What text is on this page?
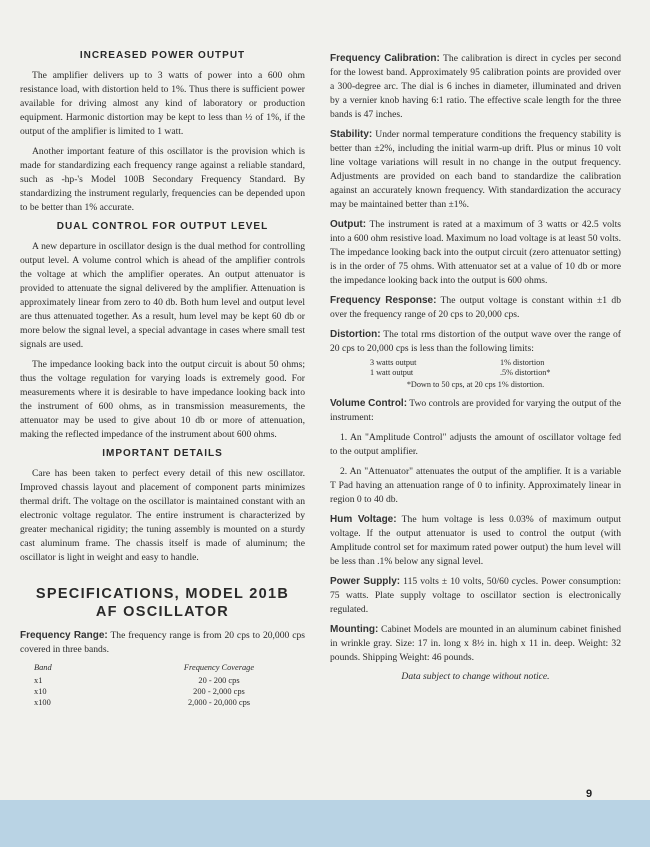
INCREASED POWER OUTPUT

The amplifier delivers up to 3 watts of power into a 600 ohm resistance load, with distortion held to 1%. Thus there is sufficient power available for driving almost any kind of laboratory or production equipment. Harmonic distortion may be kept to less than ½ of 1%, if the output of the amplifier is limited to 1 watt.

Another important feature of this oscillator is the provision which is made for standardizing each frequency range against a reliable standard, such as -hp-'s Model 100B Secondary Frequency Standard. By standardizing the instrument regularly, frequencies can be depended upon to be better than 1% accurate.

DUAL CONTROL FOR OUTPUT LEVEL

A new departure in oscillator design is the dual method for controlling output level. A volume control which is ahead of the amplifier controls the voltage at which the amplifier operates. An output attenuator is provided to attenuate the signal delivered by the amplifier. Attenuation is approximately linear from zero to 40 db. Both hum level and output level are thus attenuated together. As a result, hum level may be kept 60 db or more below the signal level, a special advantage in cases where small test signals are used.

The impedance looking back into the output circuit is about 50 ohms; thus the voltage regulation for varying loads is extremely good. For measurements where it is desirable to have impedance looking back into the instrument of 600 ohms, as in transmission measurements, the attenuator may be used to give about 10 db or more of attenuation, making the reflected impedance of the instrument about 600 ohms.

IMPORTANT DETAILS

Care has been taken to perfect every detail of this new oscillator. Improved chassis layout and placement of component parts minimizes thermal drift. The voltage on the oscillator is maintained constant with an electronic voltage regulator. The entire instrument is characterized by greater mechanical rigidity; the tuning assembly is mounted on a sturdy cast aluminum frame. The chassis itself is made of aluminum; the oscillator is light in weight and easy to handle.

SPECIFICATIONS, MODEL 201B
AF OSCILLATOR

Frequency Range: The frequency range is from 20 cps to 20,000 cps covered in three bands.

Band	Frequency Coverage
x1	20 - 200 cps
x10	200 - 2,000 cps
x100	2,000 - 20,000 cps

Frequency Calibration: The calibration is direct in cycles per second for the lowest band. Approximately 95 calibration points are provided over a 300-degree arc. The dial is 6 inches in diameter, illuminated and driven by a vernier knob having 6:1 ratio. The effective scale length for the three bands is 47 inches.

Stability: Under normal temperature conditions the frequency stability is better than ±2%, including the initial warm-up drift. Plus or minus 10 volt line voltage variations will result in no change in the output frequency. Adjustments are provided on each band to standardize the calibration against an accurately known frequency. With standardization the accuracy may be maintained better than ±1%.

Output: The instrument is rated at a maximum of 3 watts or 42.5 volts into a 600 ohm resistive load. Maximum no load voltage is at least 50 volts. The impedance looking back into the output circuit (zero attenuator setting) is in the order of 75 ohms. With attenuator set at a value of 10 db or more the impedance looking back into the output is 600 ohms.

Frequency Response: The output voltage is constant within ±1 db over the frequency range of 20 cps to 20,000 cps.

Distortion: The total rms distortion of the output wave over the range of 20 cps to 20,000 cps is less than the following limits:

3 watts output	1% distortion
1 watt output	.5% distortion*
*Down to 50 cps, at 20 cps 1% distortion.

Volume Control: Two controls are provided for varying the output of the instrument:

1. An "Amplitude Control" adjusts the amount of oscillator voltage fed to the output amplifier.

2. An "Attenuator" attenuates the output of the amplifier. It is a variable T Pad having an attenuation range of 0 to infinity. Approximately linear in region 0 to 40 db.

Hum Voltage: The hum voltage is less 0.03% of maximum output voltage. If the output attenuator is used to control the output (with Amplitude control set for maximum rated power output) the hum level will be less than .1% below any signal level.

Power Supply: 115 volts ± 10 volts, 50/60 cycles. Power consumption: 75 watts. Plate supply voltage to oscillator section is electronically regulated.

Mounting: Cabinet Models are mounted in an aluminum cabinet finished in wrinkle gray. Size: 17 in. long x 8½ in. high x 11 in. deep. Weight: 32 pounds. Shipping Weight: 46 pounds.

Data subject to change without notice.
9
